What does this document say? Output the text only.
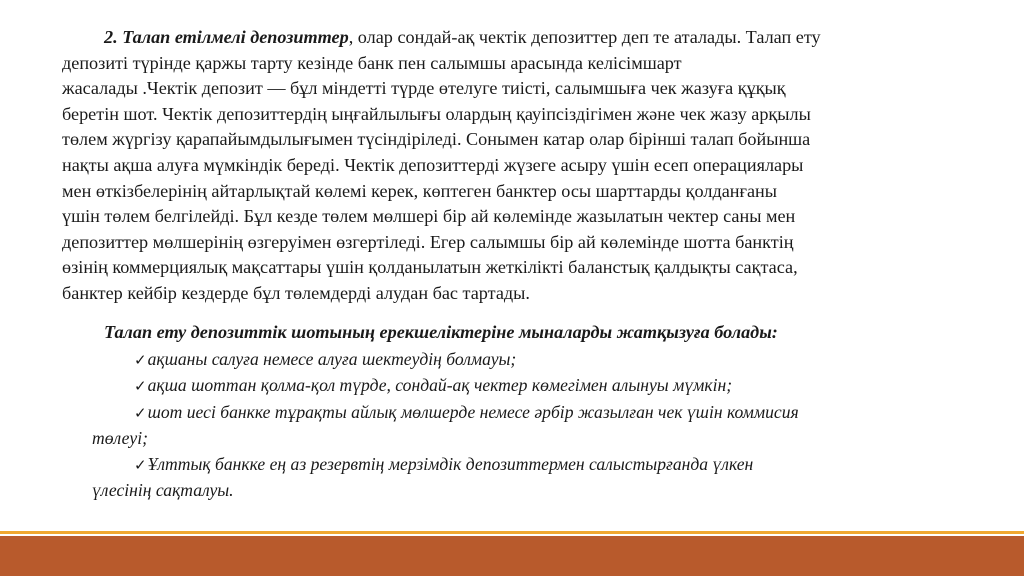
2. Талап етілмелі депозиттер, олар сондай-ақ чектік депозиттер деп те аталады. Талап ету
депозиті түрінде қаржы тарту кезінде банк пен салымшы арасында келісімшарт
жасалады .Чектік депозит — бұл міндетті түрде өтелуге тиісті, салымшыға чек жазуға құқық
беретін шот. Чектік депозиттердің ыңғайлылығы олардың қауіпсіздігімен және чек жазу арқылы
төлем жүргізу қарапайымдылығымен түсіндіріледі. Сонымен катар олар бірінші талап бойынша
нақты ақша алуға мүмкіндік береді. Чектік депозиттерді жүзеге асыру үшін есеп операциялары
мен өткізбелерінің айтарлықтай көлемі керек, көптеген банктер осы шарттарды қолданғаны
үшін төлем белгілейді. Бұл кезде төлем мөлшері бір ай көлемінде жазылатын чектер саны мен
депозиттер мөлшерінің өзгеруімен өзгертіледі. Егер салымшы бір ай көлемінде шотта банктің
өзінің коммерциялық мақсаттары үшін қолданылатын жеткілікті баланстық қалдықты сақтаса,
банктер кейбір кездерде бұл төлемдерді алудан бас тартады.

Талап ету депозиттік шотының ерекшеліктеріне мыналарды жатқызуға болады:

✓ақшаны салуға немесе алуға шектеудің болмауы;
✓ақша шоттан қолма-қол түрде, сондай-ақ чектер көмегімен алынуы мүмкін;
✓шот иесі банкке тұрақты айлық мөлшерде немесе әрбір жазылған чек үшін коммисия
төлеуі;
✓Ұлттық банкке ең аз резервтің мерзімдік депозиттермен салыстырғанда үлкен
үлесінің сақталуы.
